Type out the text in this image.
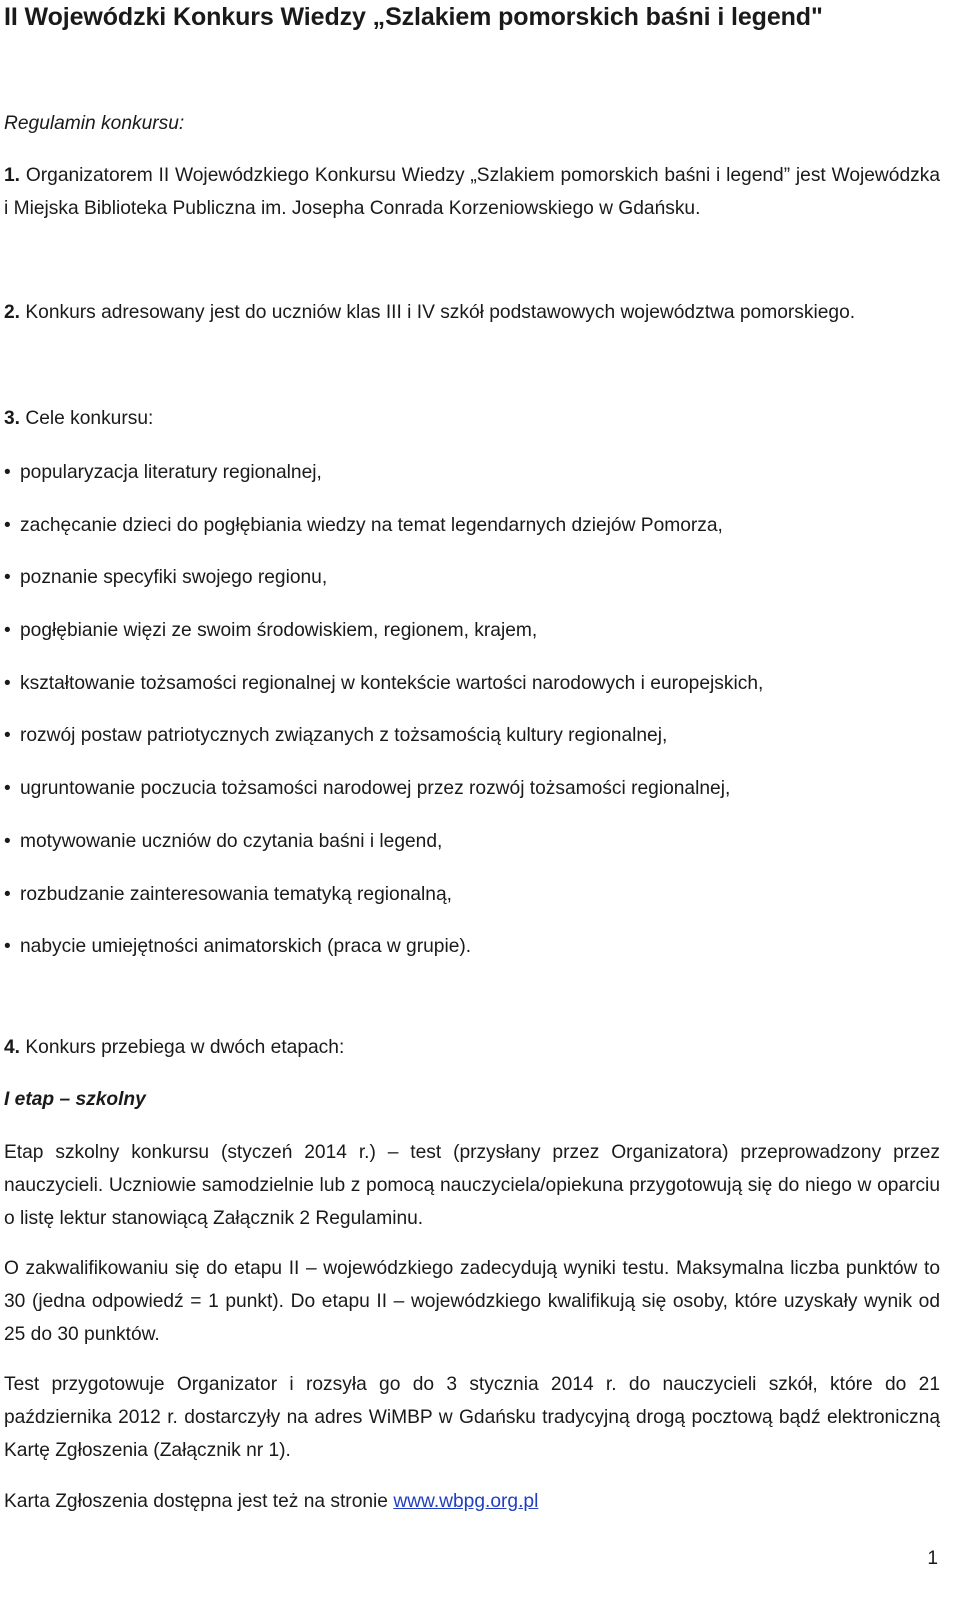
II Wojewódzki Konkurs Wiedzy „Szlakiem pomorskich baśni i legend"

Regulamin konkursu:

1. Organizatorem II Wojewódzkiego Konkursu Wiedzy „Szlakiem pomorskich baśni i legend” jest Wojewódzka i Miejska Biblioteka Publiczna im. Josepha Conrada Korzeniowskiego w Gdańsku.

2. Konkurs adresowany jest do uczniów klas III i IV szkół podstawowych województwa pomorskiego.

3. Cele konkursu:

• popularyzacja literatury regionalnej,
• zachęcanie dzieci do pogłębiania wiedzy na temat legendarnych dziejów Pomorza,
• poznanie specyfiki swojego regionu,
• pogłębianie więzi ze swoim środowiskiem, regionem, krajem,
• kształtowanie tożsamości regionalnej w kontekście wartości narodowych i europejskich,
• rozwój postaw patriotycznych związanych z tożsamością kultury regionalnej,
• ugruntowanie poczucia tożsamości narodowej przez rozwój tożsamości regionalnej,
• motywowanie uczniów do czytania baśni i legend,
• rozbudzanie zainteresowania tematyką regionalną,
• nabycie umiejętności animatorskich (praca w grupie).

4. Konkurs przebiega w dwóch etapach:

I etap – szkolny

Etap szkolny konkursu (styczeń 2014 r.) – test (przysłany przez Organizatora) przeprowadzony przez nauczycieli. Uczniowie samodzielnie lub z pomocą nauczyciela/opiekuna przygotowują się do niego w oparciu o listę lektur stanowiącą Załącznik 2 Regulaminu.

O zakwalifikowaniu się do etapu II – wojewódzkiego zadecydują wyniki testu. Maksymalna liczba punktów to 30 (jedna odpowiedź = 1 punkt). Do etapu II – wojewódzkiego kwalifikują się osoby, które uzyskały wynik od 25 do 30 punktów.

Test przygotowuje Organizator i rozsyła go do 3 stycznia 2014 r. do nauczycieli szkół, które do 21 października 2012 r. dostarczyły na adres WiMBP w Gdańsku tradycyjną drogą pocztową bądź elektroniczną Kartę Zgłoszenia (Załącznik nr 1).

Karta Zgłoszenia dostępna jest też na stronie www.wbpg.org.pl

1
